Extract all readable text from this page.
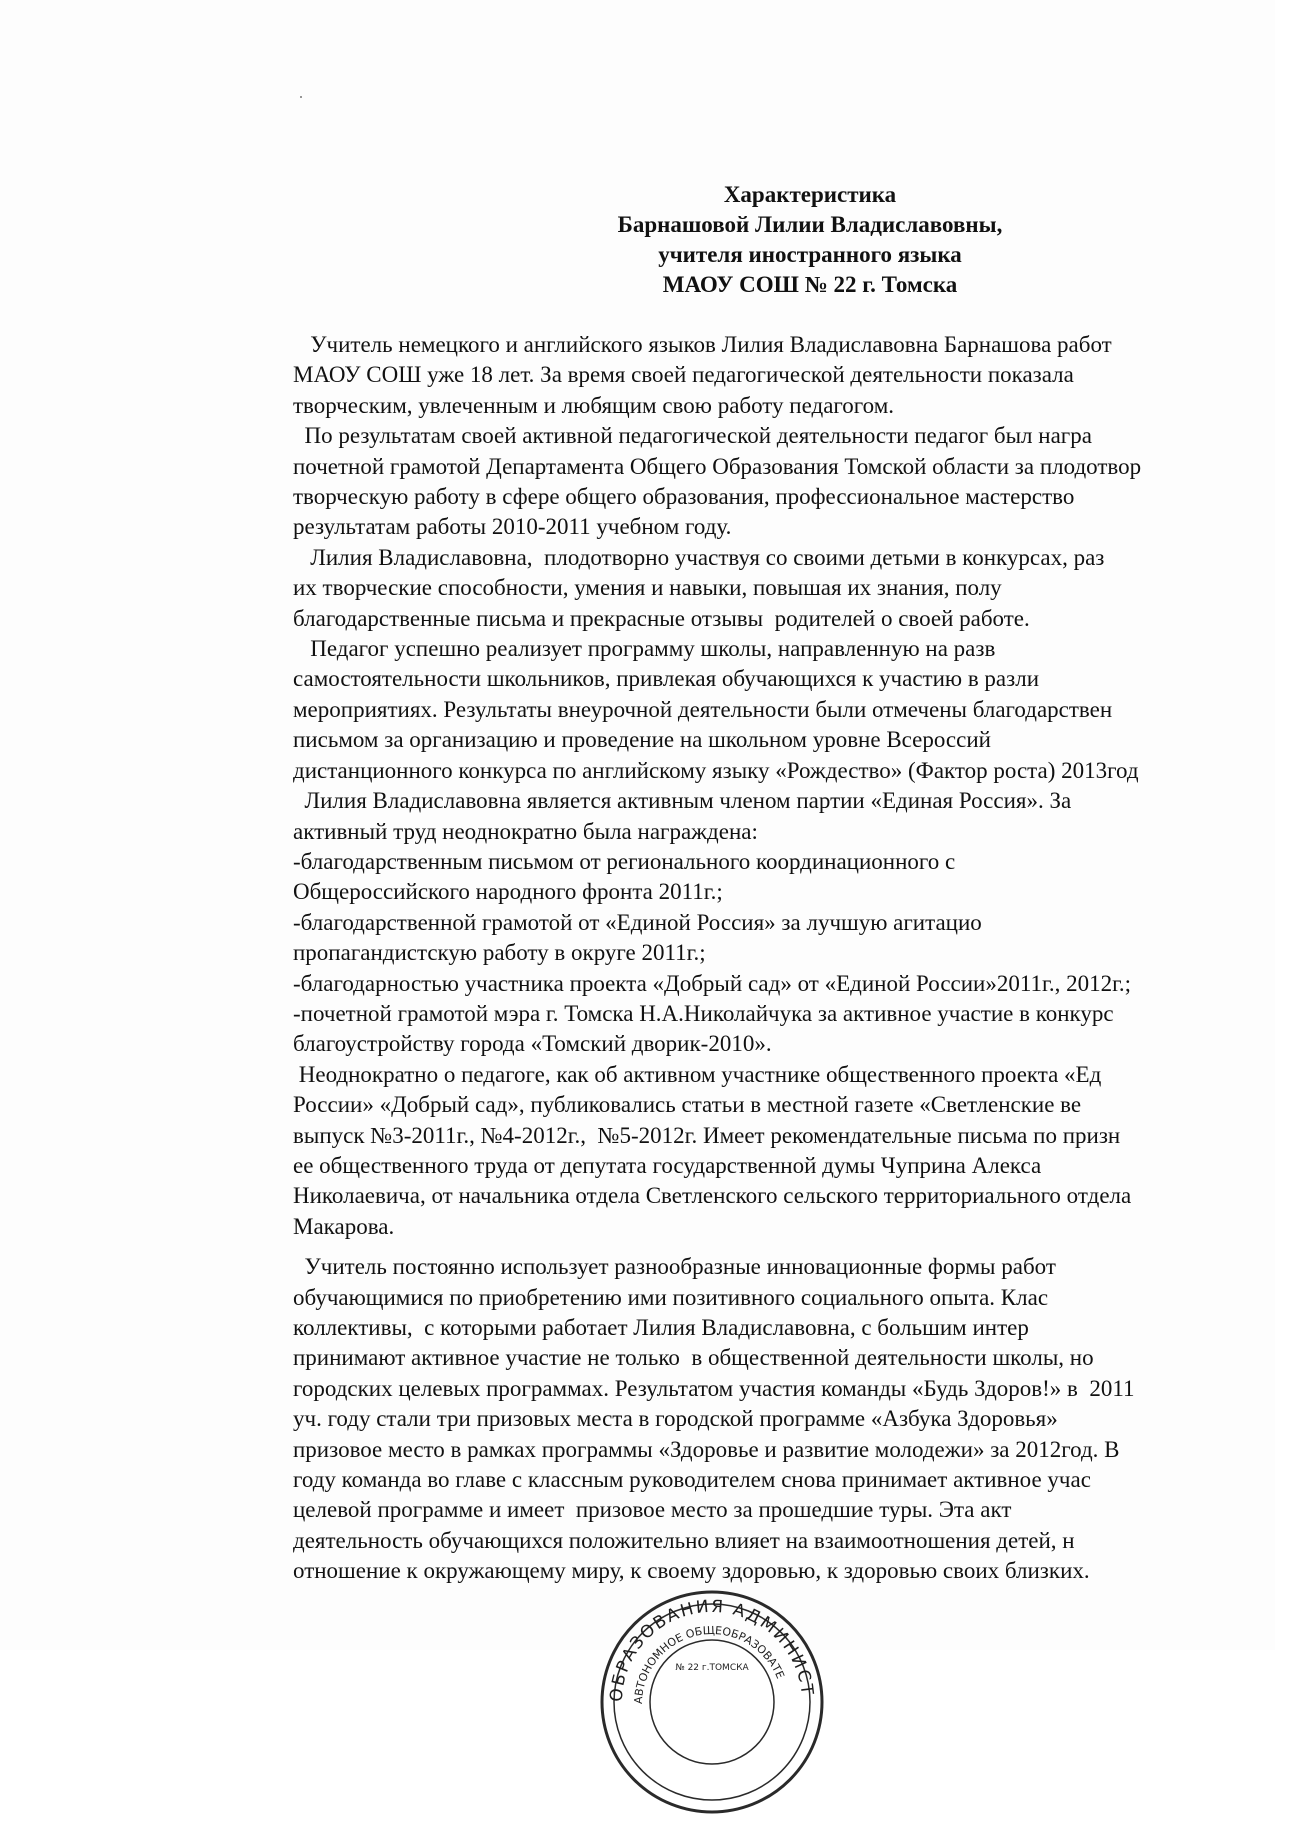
Характеристика
Барнашовой Лилии Владиславовны,
учителя иностранного языка
МАОУ СОШ № 22 г. Томска
Учитель немецкого и английского языков Лилия Владиславовна Барнашова работ
МАОУ СОШ уже 18 лет. За время своей педагогической деятельности показала
творческим, увлеченным и любящим свою работу педагогом.
По результатам своей активной педагогической деятельности педагог был награ
почетной грамотой Департамента Общего Образования Томской области за плодотвор
творческую работу в сфере общего образования, профессиональное мастерство
результатам работы 2010-2011 учебном году.
Лилия Владиславовна,  плодотворно участвуя со своими детьми в конкурсах, раз
их творческие способности, умения и навыки, повышая их знания, полу
благодарственные письма и прекрасные отзывы  родителей о своей работе.
Педагог успешно реализует программу школы, направленную на разв
самостоятельности школьников, привлекая обучающихся к участию в разли
мероприятиях. Результаты внеурочной деятельности были отмечены благодарствен
письмом за организацию и проведение на школьном уровне Всероссий
дистанционного конкурса по английскому языку «Рождество» (Фактор роста) 2013год
Лилия Владиславовна является активным членом партии «Единая Россия». За
активный труд неоднократно была награждена:
-благодарственным письмом от регионального координационного с
Общероссийского народного фронта 2011г.;
-благодарственной грамотой от «Единой Россия» за лучшую агитацио
пропагандистскую работу в округе 2011г.;
-благодарностью участника проекта «Добрый сад» от «Единой России»2011г., 2012г.;
-почетной грамотой мэра г. Томска Н.А.Николайчука за активное участие в конкурс
благоустройству города «Томский дворик-2010».
Неоднократно о педагоге, как об активном участнике общественного проекта «Ед
России» «Добрый сад», публиковались статьи в местной газете «Светленские ве
выпуск №3-2011г., №4-2012г.,  №5-2012г. Имеет рекомендательные письма по призн
ее общественного труда от депутата государственной думы Чуприна Алекса
Николаевича, от начальника отдела Светленского сельского территориального отдела
Макарова.
Учитель постоянно использует разнообразные инновационные формы работ
обучающимися по приобретению ими позитивного социального опыта. Клас
коллективы,  с которыми работает Лилия Владиславовна, с большим интер
принимают активное участие не только  в общественной деятельности школы, но
городских целевых программах. Результатом участия команды «Будь Здоров!» в  2011
уч. году стали три призовых места в городской программе «Азбука Здоровья»
призовое место в рамках программы «Здоровье и развитие молодежи» за 2012год. В
году команда во главе с классным руководителем снова принимает активное учас
целевой программе и имеет  призовое место за прошедшие туры. Эта акт
деятельность обучающихся положительно влияет на взаимоотношения детей, н
отношение к окружающему миру, к своему здоровью, к здоровью своих близких.
ОБРАЗОВАНИЯ АДМИНИСТ
АВТОНОМНОЕ ОБЩЕОБРАЗОВАТЕ
№ 22 г.ТОМСКА
